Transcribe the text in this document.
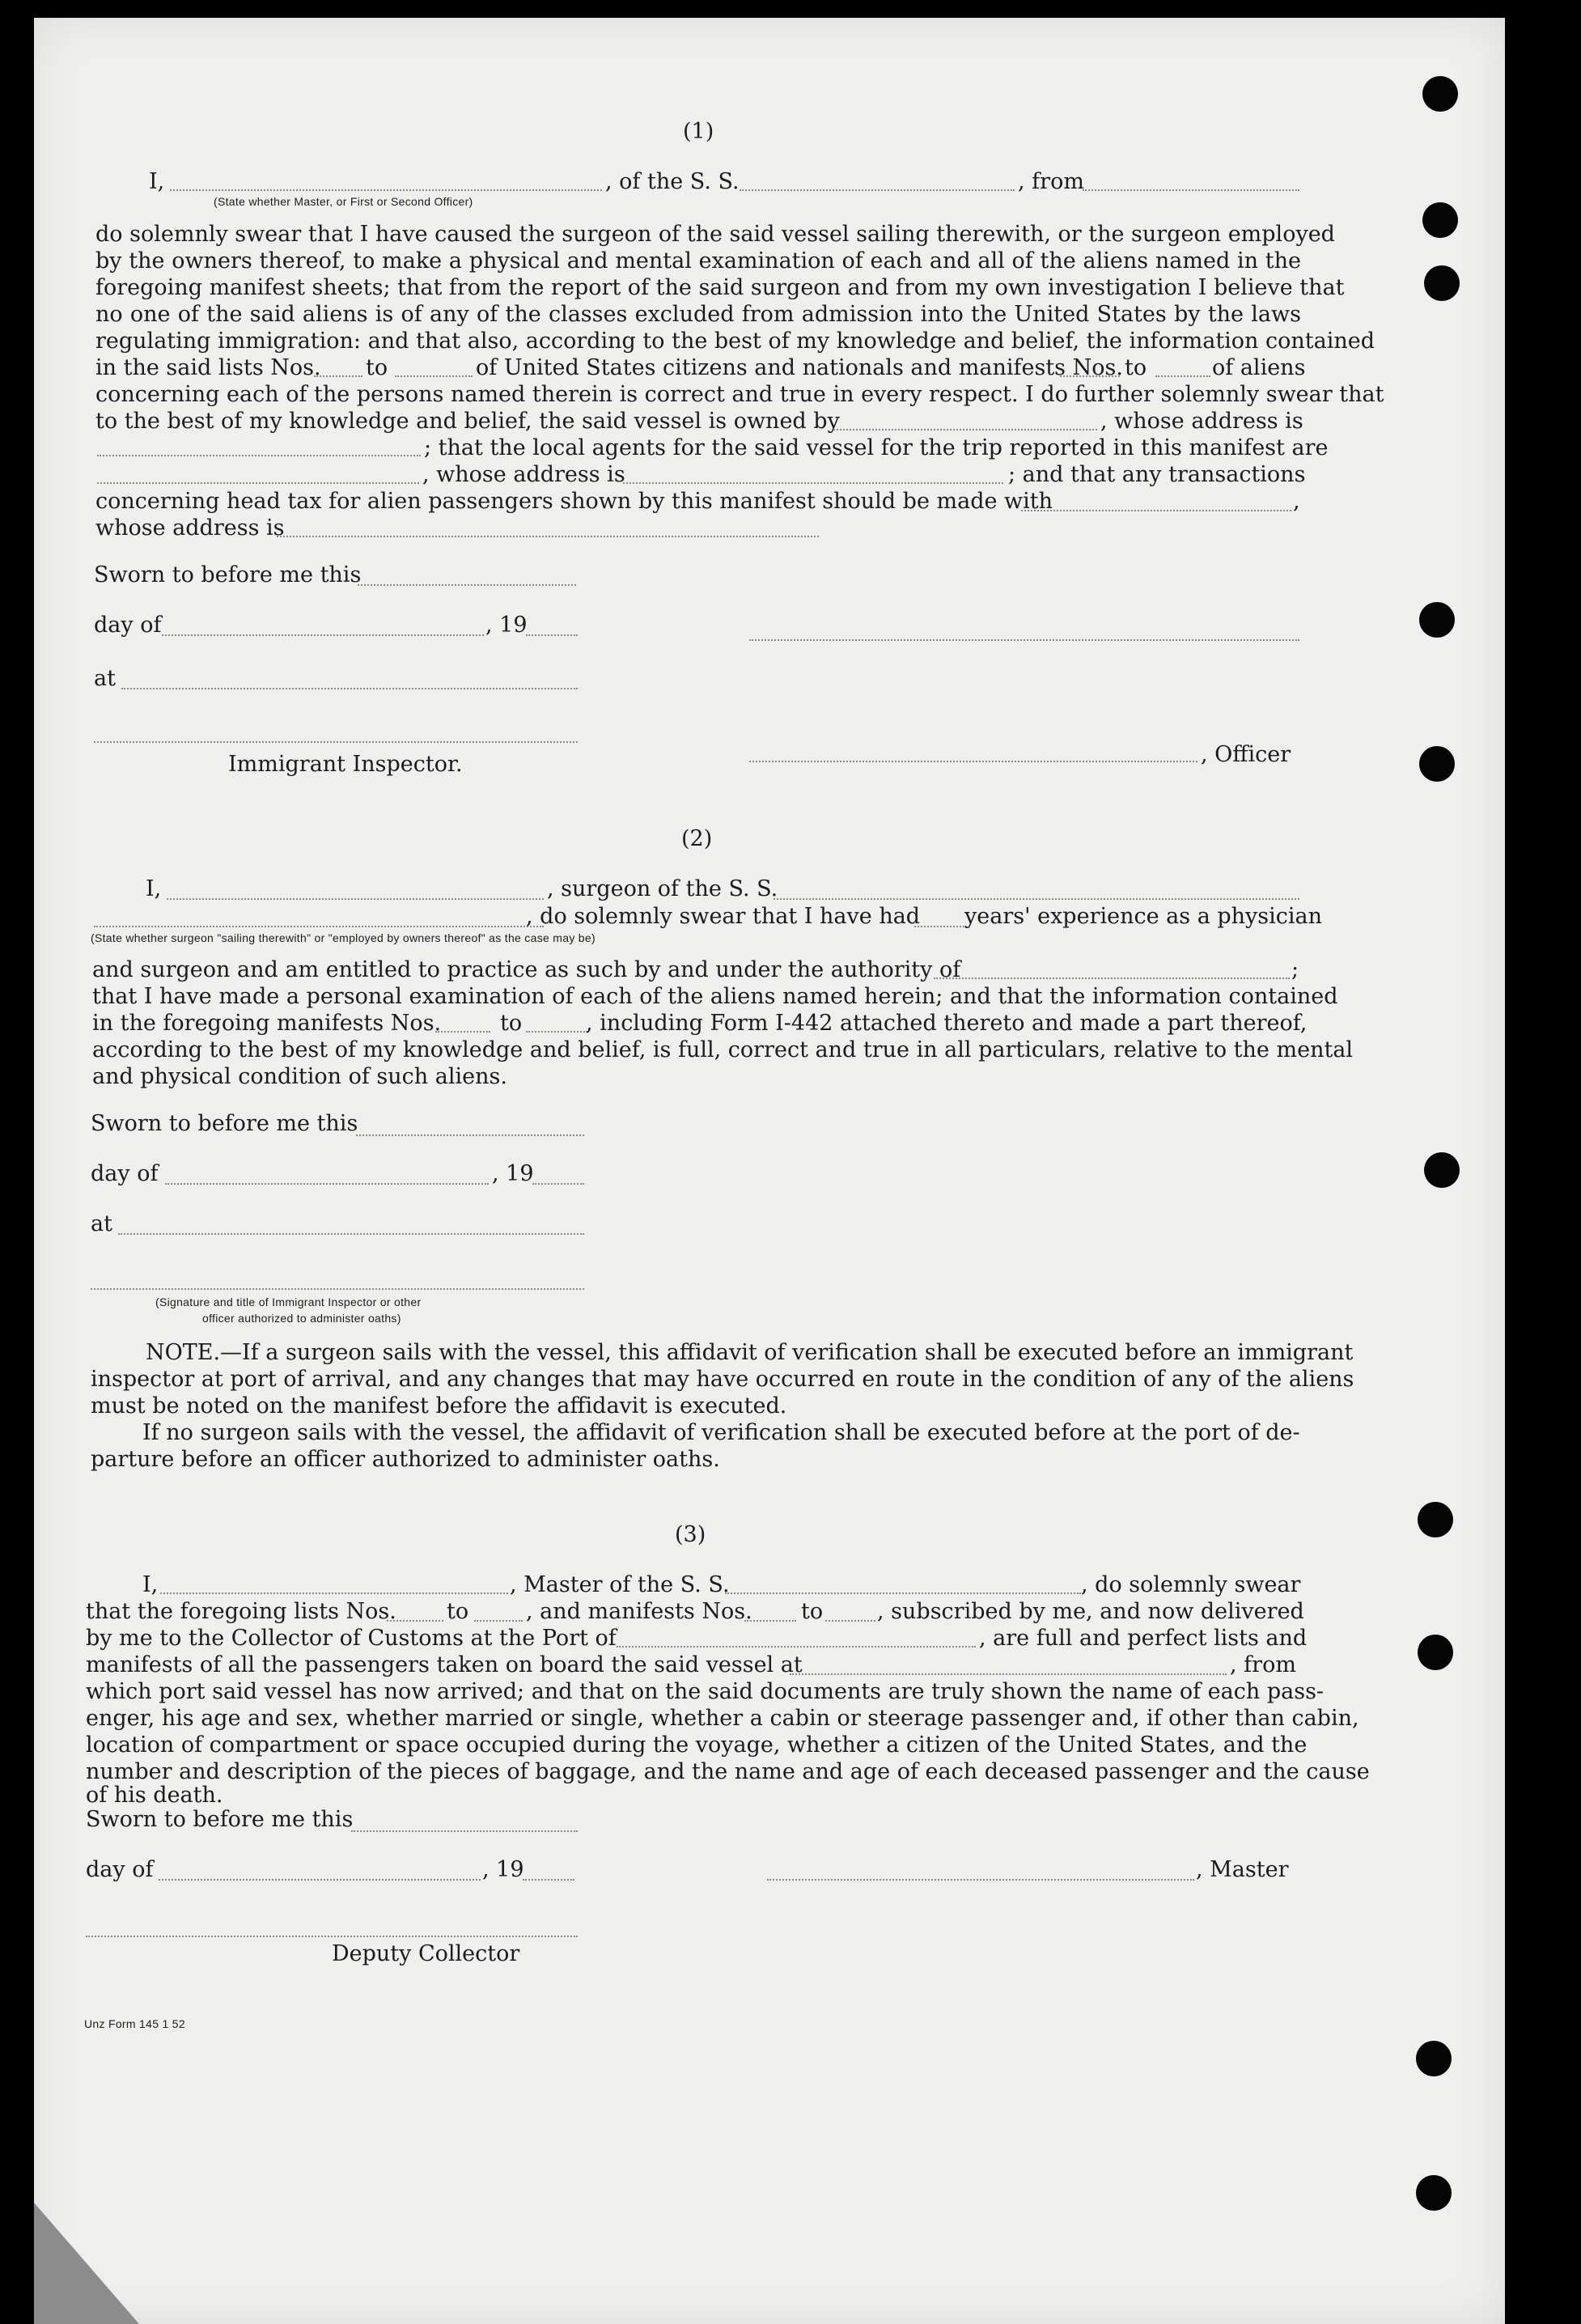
(1)
I,	, of the S. S.	, from
(State whether Master, or First or Second Officer)
do solemnly swear that I have caused the surgeon of the said vessel sailing therewith, or the surgeon employed
by the owners thereof, to make a physical and mental examination of each and all of the aliens named in the
foregoing manifest sheets; that from the report of the said surgeon and from my own investigation I believe that
no one of the said aliens is of any of the classes excluded from admission into the United States by the laws
regulating immigration: and that also, according to the best of my knowledge and belief, the information contained
in the said lists Nos. to	of United States citizens and nationals and manifests Nos. to	of aliens
concerning each of the persons named therein is correct and true in every respect. I do further solemnly swear that
to the best of my knowledge and belief, the said vessel is owned by	, whose address is
; that the local agents for the said vessel for the trip reported in this manifest are
, whose address is	; and that any transactions
concerning head tax for alien passengers shown by this manifest should be made with	,
whose address is
Sworn to before me this
day of	, 19
at
Immigrant Inspector.	, Officer
(2)
I,	, surgeon of the S. S.
, do solemnly swear that I have had years' experience as a physician
(State whether surgeon "sailing therewith" or "employed by owners thereof" as the case may be)
and surgeon and am entitled to practice as such by and under the authority of	;
that I have made a personal examination of each of the aliens named herein; and that the information contained
in the foregoing manifests Nos.	to	, including Form I-442 attached thereto and made a part thereof,
according to the best of my knowledge and belief, is full, correct and true in all particulars, relative to the mental
and physical condition of such aliens.
Sworn to before me this
day of	, 19
at
(Signature and title of Immigrant Inspector or other
officer authorized to administer oaths)
NOTE.—If a surgeon sails with the vessel, this affidavit of verification shall be executed before an immigrant
inspector at port of arrival, and any changes that may have occurred en route in the condition of any of the aliens
must be noted on the manifest before the affidavit is executed.
If no surgeon sails with the vessel, the affidavit of verification shall be executed before at the port of de-
parture before an officer authorized to administer oaths.
(3)
I,	, Master of the S. S.	, do solemnly swear
that the foregoing lists Nos. to	, and manifests Nos. to , subscribed by me, and now delivered
by me to the Collector of Customs at the Port of	, are full and perfect lists and
manifests of all the passengers taken on board the said vessel at	, from
which port said vessel has now arrived; and that on the said documents are truly shown the name of each pass-
enger, his age and sex, whether married or single, whether a cabin or steerage passenger and, if other than cabin,
location of compartment or space occupied during the voyage, whether a citizen of the United States, and the
number and description of the pieces of baggage, and the name and age of each deceased passenger and the cause
of his death.
Sworn to before me this
day of	, 19	, Master
Deputy Collector
Unz Form 145 1 52
